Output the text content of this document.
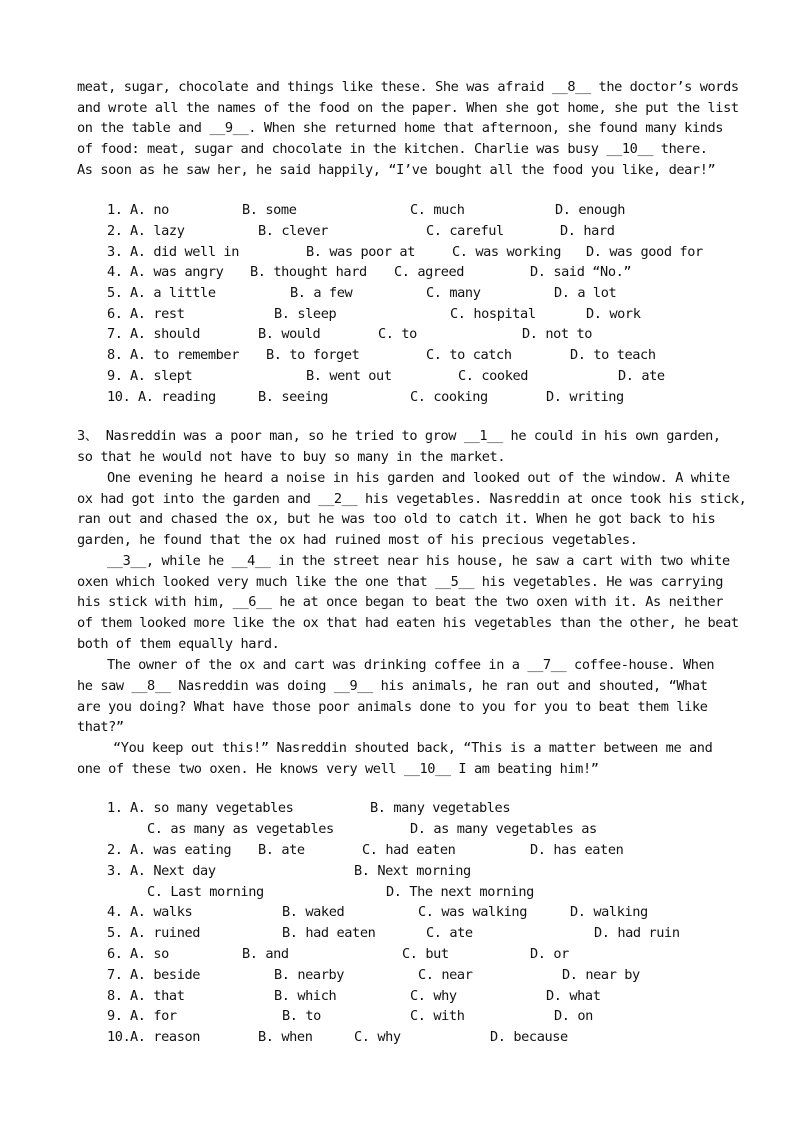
meat, sugar, chocolate and things like these. She was afraid __8__ the doctor’s words
and wrote all the names of the food on the paper. When she got home, she put the list
on the table and __9__. When she returned home that afternoon, she found many kinds
of food: meat, sugar and chocolate in the kitchen. Charlie was busy __10__ there.
As soon as he saw her, he said happily, “I’ve bought all the food you like, dear!”
1. A. no	B. some	C. much	D. enough
2. A. lazy	B. clever	C. careful	D. hard
3. A. did well in	B. was poor at	C. was working D. was good for
4. A. was angry B. thought hard C. agreed	D. said “No.”
5. A. a little	B. a few	C. many	D. a lot
6. A. rest	B. sleep	C. hospital	D. work
7. A. should	B. would	C. to	D. not to
8. A. to remember B. to forget	C. to catch	D. to teach
9. A. slept	B. went out	C. cooked	D. ate
10. A. reading	B. seeing	C. cooking	D. writing
3、 Nasreddin was a poor man, so he tried to grow __1__ he could in his own garden,
so that he would not have to buy so many in the market.
One evening he heard a noise in his garden and looked out of the window. A white
ox had got into the garden and __2__ his vegetables. Nasreddin at once took his stick,
ran out and chased the ox, but he was too old to catch it. When he got back to his
garden, he found that the ox had ruined most of his precious vegetables.
__3__, while he __4__ in the street near his house, he saw a cart with two white
oxen which looked very much like the one that __5__ his vegetables. He was carrying
his stick with him, __6__ he at once began to beat the two oxen with it. As neither
of them looked more like the ox that had eaten his vegetables than the other, he beat
both of them equally hard.
The owner of the ox and cart was drinking coffee in a __7__ coffee-house. When
he saw __8__ Nasreddin was doing __9__ his animals, he ran out and shouted, “What
are you doing? What have those poor animals done to you for you to beat them like
that?”
“You keep out this!” Nasreddin shouted back, “This is a matter between me and
one of these two oxen. He knows very well __10__ I am beating him!”
1. A. so many vegetables	B. many vegetables
C. as many as vegetables	D. as many vegetables as
2. A. was eating B. ate	C. had eaten	D. has eaten
3. A. Next day	B. Next morning
C. Last morning	D. The next morning
4. A. walks	B. waked	C. was walking	D. walking
5. A. ruined	B. had eaten	C. ate	D. had ruin
6. A. so	B. and	C. but	D. or
7. A. beside	B. nearby	C. near	D. near by
8. A. that	B. which	C. why	D. what
9. A. for	B. to	C. with	D. on
10. A. reason	B. when	C. why	D. because
